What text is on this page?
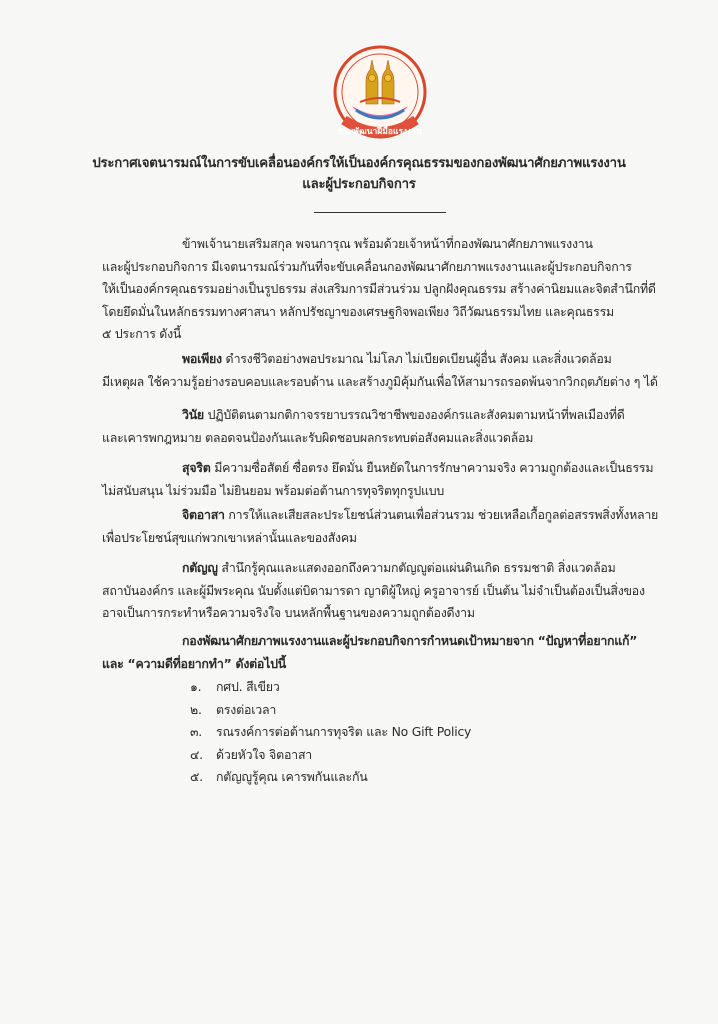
กรมพัฒนาฝีมือแรงงาน
ประกาศเจตนารมณ์ในการขับเคลื่อนองค์กรให้เป็นองค์กรคุณธรรมของกองพัฒนาศักยภาพแรงงาน
และผู้ประกอบกิจการ
ข้าพเจ้านายเสริมสกุล พจนการุณ พร้อมด้วยเจ้าหน้าที่กองพัฒนาศักยภาพแรงงาน
และผู้ประกอบกิจการ มีเจตนารมณ์ร่วมกันที่จะขับเคลื่อนกองพัฒนาศักยภาพแรงงานและผู้ประกอบกิจการ
ให้เป็นองค์กรคุณธรรมอย่างเป็นรูปธรรม ส่งเสริมการมีส่วนร่วม ปลูกฝังคุณธรรม สร้างค่านิยมและจิตสำนึกที่ดี
โดยยึดมั่นในหลักธรรมทางศาสนา หลักปรัชญาของเศรษฐกิจพอเพียง วิถีวัฒนธรรมไทย และคุณธรรม
๕ ประการ ดังนี้
พอเพียง ดำรงชีวิตอย่างพอประมาณ ไม่โลภ ไม่เบียดเบียนผู้อื่น สังคม และสิ่งแวดล้อม
มีเหตุผล ใช้ความรู้อย่างรอบคอบและรอบด้าน และสร้างภูมิคุ้มกันเพื่อให้สามารถรอดพ้นจากวิกฤตภัยต่าง ๆ ได้
วินัย ปฏิบัติตนตามกติกาจรรยาบรรณวิชาชีพขององค์กรและสังคมตามหน้าที่พลเมืองที่ดี
และเคารพกฎหมาย ตลอดจนป้องกันและรับผิดชอบผลกระทบต่อสังคมและสิ่งแวดล้อม
สุจริต มีความซื่อสัตย์ ซื่อตรง ยึดมั่น ยืนหยัดในการรักษาความจริง ความถูกต้องและเป็นธรรม
ไม่สนับสนุน ไม่ร่วมมือ ไม่ยินยอม พร้อมต่อต้านการทุจริตทุกรูปแบบ
จิตอาสา การให้และเสียสละประโยชน์ส่วนตนเพื่อส่วนรวม ช่วยเหลือเกื้อกูลต่อสรรพสิ่งทั้งหลาย
เพื่อประโยชน์สุขแก่พวกเขาเหล่านั้นและของสังคม
กตัญญู สำนึกรู้คุณและแสดงออกถึงความกตัญญูต่อแผ่นดินเกิด ธรรมชาติ สิ่งแวดล้อม
สถาบันองค์กร และผู้มีพระคุณ นับตั้งแต่บิดามารดา ญาติผู้ใหญ่ ครูอาจารย์ เป็นต้น ไม่จำเป็นต้องเป็นสิ่งของ
อาจเป็นการกระทำหรือความจริงใจ บนหลักพื้นฐานของความถูกต้องดีงาม
กองพัฒนาศักยภาพแรงงานและผู้ประกอบกิจการกำหนดเป้าหมายจาก “ปัญหาที่อยากแก้”
และ “ความดีที่อยากทำ” ดังต่อไปนี้
๑. กศป. สีเขียว
๒. ตรงต่อเวลา
๓. รณรงค์การต่อต้านการทุจริต และ No Gift Policy
๔. ด้วยหัวใจ จิตอาสา
๕. กตัญญูรู้คุณ เคารพกันและกัน
